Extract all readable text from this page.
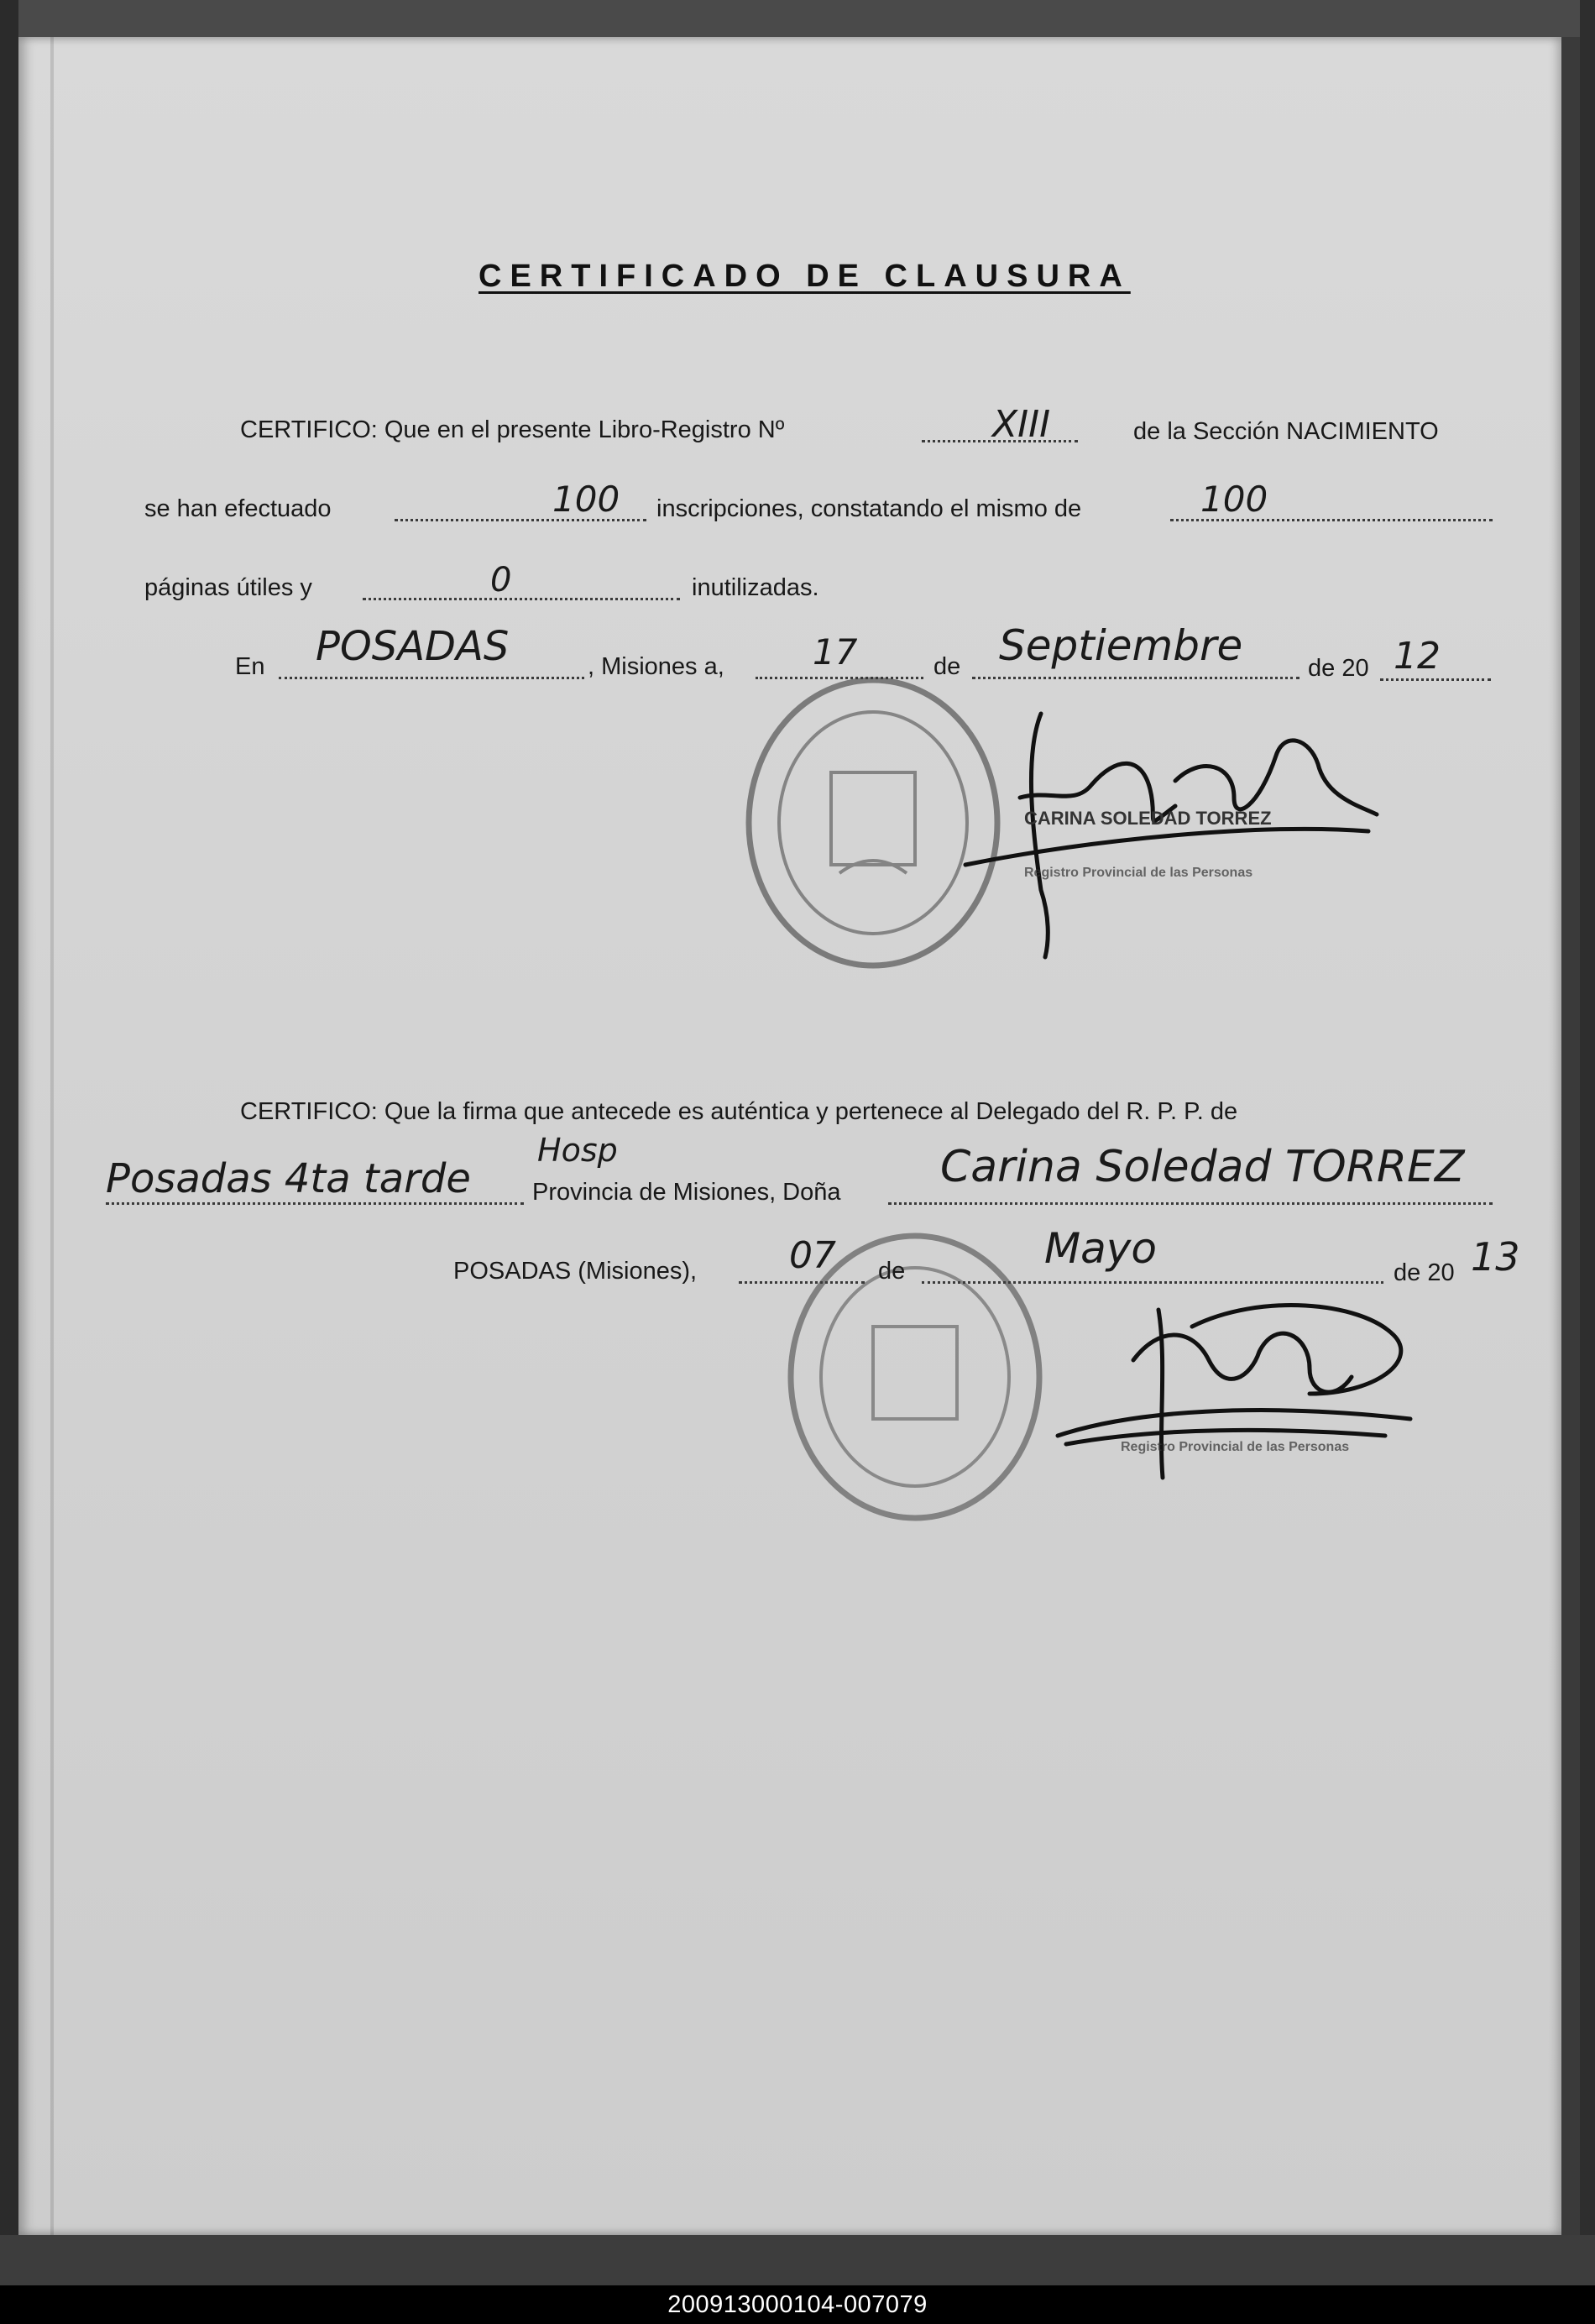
CERTIFICADO DE CLAUSURA
CERTIFICO: Que en el presente Libro-Registro Nº	XIII	de la Sección NACIMIENTO
se han efectuado	100 inscripciones, constatando el mismo de	100
páginas útiles y	0	inutilizadas.
En POSADAS	, Misiones a,	17	de Septiembre	de 20 12
CARINA SOLEDAD TORREZ
Registro Provincial de las Personas
Registro Provincial de las Personas
CERTIFICO: Que la firma que antecede es auténtica y pertenece al Delegado del R. P. P. de
Hosp
Posadas 4ta tarde	Provincia de Misiones, Doña Carina Soledad TORREZ
POSADAS (Misiones), 07 de	Mayo	de 20 13
200913000104-007079
